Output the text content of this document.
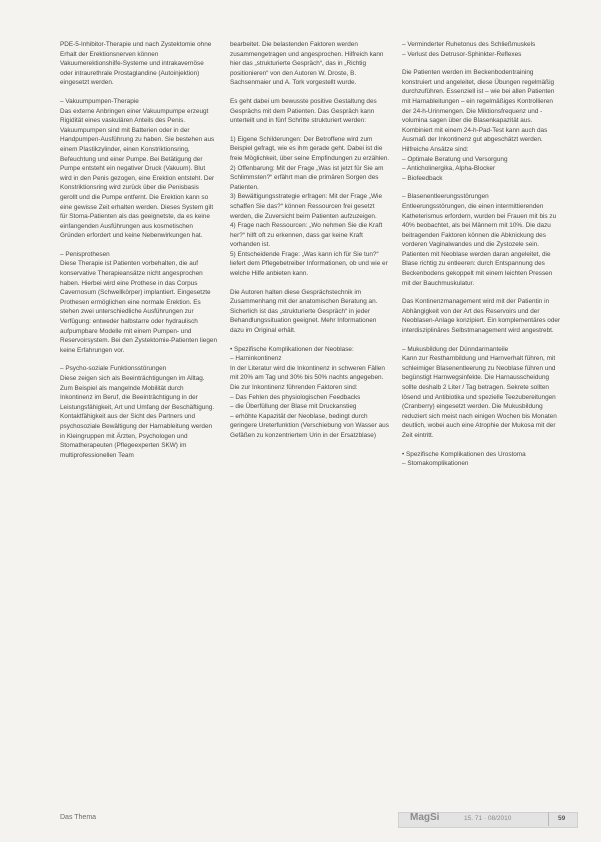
PDE-5-Inhibitor-Therapie und nach Zystektomie ohne Erhalt der Erektionsnerven können Vakuumerektionshilfe-Systeme und intrakavernöse oder intraurethrale Prostaglandine (Autoinjektion) eingesetzt werden.

– Vakuumpumpen-Therapie
Das externe Anbringen einer Vakuumpumpe erzeugt Rigidität eines vaskulären Anteils des Penis. Vakuumpumpen sind mit Batterien oder in der Handpumpen-Ausführung zu haben. Sie bestehen aus einem Plastikzylinder, einen Konstriktionsring, Befeuchtung und einer Pumpe. Bei Betätigung der Pumpe entsteht ein negativer Druck (Vakuum). Blut wird in den Penis gezogen, eine Erektion entsteht. Der Konstriktionsring wird zurück über die Penisbasis gerollt und die Pumpe entfernt. Die Erektion kann so eine gewisse Zeit erhalten werden. Dieses System gilt für Stoma-Patienten als das geeignetste, da es keine einfangenden Ausführungen aus kosmetischen Gründen erfordert und keine Nebenwirkungen hat.

– Penisprothesen
Diese Therapie ist Patienten vorbehalten, die auf konservative Therapieansätze nicht angesprochen haben. Hierbei wird eine Prothese in das Corpus Cavernosum (Schwellkörper) implantiert. Eingesetzte Prothesen ermöglichen eine normale Erektion. Es stehen zwei unterschiedliche Ausführungen zur Verfügung: entweder halbstarre oder hydraulisch aufpumpbare Modelle mit einem Pumpen- und Reservoirsystem. Bei den Zystektomie-Patienten liegen keine Erfahrungen vor.

– Psycho-soziale Funktionsstörungen
Diese zeigen sich als Beeinträchtigungen im Alltag. Zum Beispiel als mangelnde Mobilität durch Inkontinenz im Beruf, die Beeinträchtigung in der Leistungsfähigkeit, Art und Umfang der Beschäftigung. Kontaktfähigkeit aus der Sicht des Partners und psychosoziale Bewältigung der Harnableitung werden in Kleingruppen mit Ärzten, Psychologen und Stomatherapeuten (Pflegeexperten SKW) im multiprofessionellen Team

bearbeitet. Die belastenden Faktoren werden zusammengetragen und angesprochen. Hilfreich kann hier das „strukturierte Gespräch“, das in „Richtig positionieren“ von den Autoren W. Droste, B. Sachsenmaier und A. Tork vorgestellt wurde.

Es geht dabei um bewusste positive Gestaltung des Gesprächs mit dem Patienten. Das Gespräch kann unterteilt und in fünf Schritte strukturiert werden:

1) Eigene Schilderungen: Der Betroffene wird zum Beispiel gefragt, wie es ihm gerade geht. Dabei ist die freie Möglichkeit, über seine Empfindungen zu erzählen.
2) Offenbarung: Mit der Frage „Was ist jetzt für Sie am Schlimmsten?“ erfährt man die primären Sorgen des Patienten.
3) Bewältigungsstrategie erfragen: Mit der Frage „Wie schaffen Sie das?“ können Ressourcen frei gesetzt werden, die Zuversicht beim Patienten aufzuzeigen.
4) Frage nach Ressourcen: „Wo nehmen Sie die Kraft her?“ hilft oft zu erkennen, dass gar keine Kraft vorhanden ist.
5) Entscheidende Frage: „Was kann ich für Sie tun?“ liefert dem Pflegebetreiber Informationen, ob und wie er welche Hilfe anbieten kann.

Die Autoren halten diese Gesprächstechnik im Zusammenhang mit der anatomischen Beratung an. Sicherlich ist das „strukturierte Gespräch“ in jeder Behandlungssituation geeignet. Mehr Informationen dazu im Original erhält.

• Spezifische Komplikationen der Neoblase:
– Harninkontinenz
In der Literatur wird die Inkontinenz in schweren Fällen mit 20% am Tag und 30% bis 50% nachts angegeben. Die zur Inkontinenz führenden Faktoren sind:
– Das Fehlen des physiologischen Feedbacks
– die Überfüllung der Blase mit Druckanstieg
– erhöhte Kapazität der Neoblase, bedingt durch geringere Ureterfunktion (Verschiebung von Wasser aus Gefäßen zu konzentriertem Urin in der Ersatzblase)

– Verminderter Ruhetonus des Schließmuskels
– Verlust des Detrusor-Sphinkter-Reflexes

Die Patienten werden im Beckenbodentraining konstruiert und angeleitet, diese Übungen regelmäßig durchzuführen. Essenziell ist – wie bei allen Patienten mit Harnableitungen – ein regelmäßiges Kontrollieren der 24-h-Urinmengen. Die Miktionsfrequenz und -volumina sagen über die Blasenkapazität aus. Kombiniert mit einem 24-h-Pad-Test kann auch das Ausmaß der Inkontinenz gut abgeschätzt werden. Hilfreiche Ansätze sind:
– Optimale Beratung und Versorgung
– Anticholinergika, Alpha-Blocker
– Biofeedback

– Blasenentleerungsstörungen
Entleerungsstörungen, die einen intermittierenden Katheterismus erfordern, wurden bei Frauen mit bis zu 40% beobachtet, als bei Männern mit 10%. Die dazu beitragenden Faktoren können die Abknickung des vorderen Vaginalwandes und die Zystozele sein. Patienten mit Neoblase werden daran angeleitet, die Blase richtig zu entleeren: durch Entspannung des Beckenbodens gekoppelt mit einem leichten Pressen mit der Bauchmuskulatur.

Das Kontinenzmanagement wird mit der Patientin in Abhängigkeit von der Art des Reservoirs und der Neoblasen-Anlage konzipiert. Ein komplementäres oder interdisziplinäres Selbstmanagement wird angestrebt.

– Mukusbildung der Dünndarmanteile
Kann zur Restharnbildung und Harnverhalt führen, mit schleimiger Blasenentleerung zu Neoblase führen und begünstigt Harnwegsinfekte. Die Harnausscheidung sollte deshalb 2 Liter / Tag betragen. Sekrete sollten lösend und Antibiotika und spezielle Teezubereitungen (Cranberry) eingesetzt werden. Die Mukusbildung reduziert sich meist nach einigen Wochen bis Monaten deutlich, wobei auch eine Atrophie der Mukosa mit der Zeit eintritt.

• Spezifische Komplikationen des Urostoma
– Stomakomplikationen

Das Thema	MagSi	15. 71 · 08/2010	59
